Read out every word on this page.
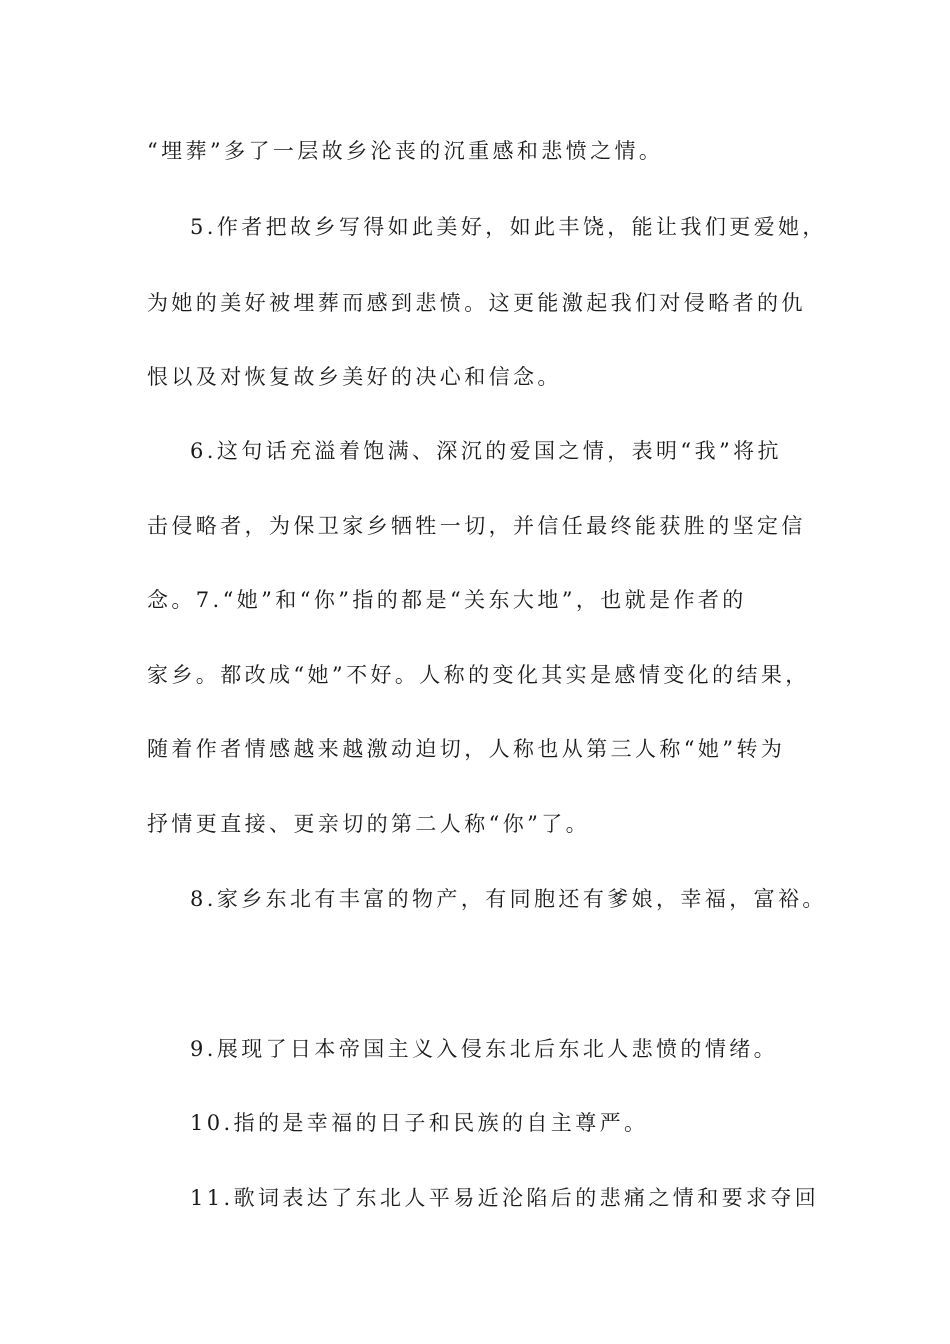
“埋葬”多了一层故乡沦丧的沉重感和悲愤之情。
5.作者把故乡写得如此美好，如此丰饶，能让我们更爱她，
为她的美好被埋葬而感到悲愤。这更能激起我们对侵略者的仇
恨以及对恢复故乡美好的决心和信念。
6.这句话充溢着饱满、深沉的爱国之情，表明“我”将抗
击侵略者，为保卫家乡牺牲一切，并信任最终能获胜的坚定信
念。7.“她”和“你”指的都是“关东大地”，也就是作者的
家乡。都改成“她”不好。人称的变化其实是感情变化的结果，
随着作者情感越来越激动迫切，人称也从第三人称“她”转为
抒情更直接、更亲切的第二人称“你”了。
8.家乡东北有丰富的物产，有同胞还有爹娘，幸福，富裕。
9.展现了日本帝国主义入侵东北后东北人悲愤的情绪。
10.指的是幸福的日子和民族的自主尊严。
11.歌词表达了东北人平易近沦陷后的悲痛之情和要求夺回
